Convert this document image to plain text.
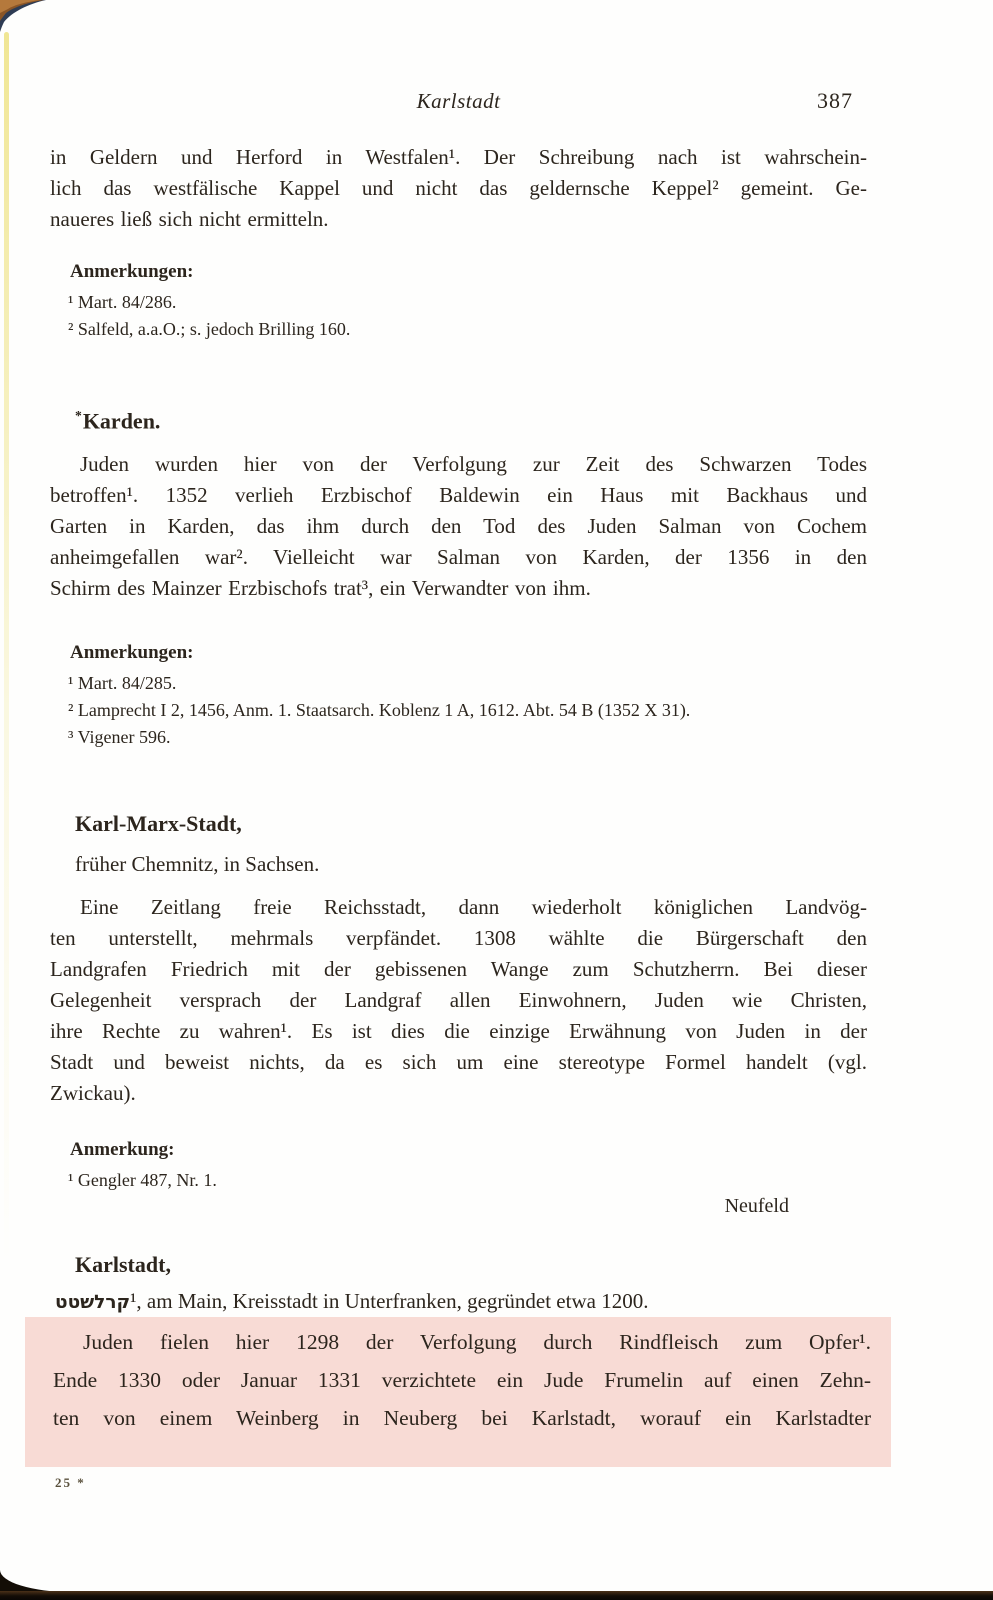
Karlstadt	387
in Geldern und Herford in Westfalen¹. Der Schreibung nach ist wahrschein-
lich das westfälische Kappel und nicht das geldernsche Keppel² gemeint. Ge-
naueres ließ sich nicht ermitteln.
Anmerkungen:
¹ Mart. 84/286.
² Salfeld, a.a.O.; s. jedoch Brilling 160.
*Karden.
Juden wurden hier von der Verfolgung zur Zeit des Schwarzen Todes
betroffen¹. 1352 verlieh Erzbischof Baldewin ein Haus mit Backhaus und
Garten in Karden, das ihm durch den Tod des Juden Salman von Cochem
anheimgefallen war². Vielleicht war Salman von Karden, der 1356 in den
Schirm des Mainzer Erzbischofs trat³, ein Verwandter von ihm.
Anmerkungen:
¹ Mart. 84/285.
² Lamprecht I 2, 1456, Anm. 1. Staatsarch. Koblenz 1 A, 1612. Abt. 54 B (1352 X 31).
³ Vigener 596.
Karl-Marx-Stadt,
früher Chemnitz, in Sachsen.
Eine Zeitlang freie Reichsstadt, dann wiederholt königlichen Landvög-
ten unterstellt, mehrmals verpfändet. 1308 wählte die Bürgerschaft den
Landgrafen Friedrich mit der gebissenen Wange zum Schutzherrn. Bei dieser
Gelegenheit versprach der Landgraf allen Einwohnern, Juden wie Christen,
ihre Rechte zu wahren¹. Es ist dies die einzige Erwähnung von Juden in der
Stadt und beweist nichts, da es sich um eine stereotype Formel handelt (vgl.
Zwickau).
Anmerkung:
¹ Gengler 487, Nr. 1.
Neufeld
Karlstadt,
קרלשטט¹, am Main, Kreisstadt in Unterfranken, gegründet etwa 1200.
Juden fielen hier 1298 der Verfolgung durch Rindfleisch zum Opfer¹.
Ende 1330 oder Januar 1331 verzichtete ein Jude Frumelin auf einen Zehn-
ten von einem Weinberg in Neuberg bei Karlstadt, worauf ein Karlstadter
25 *
